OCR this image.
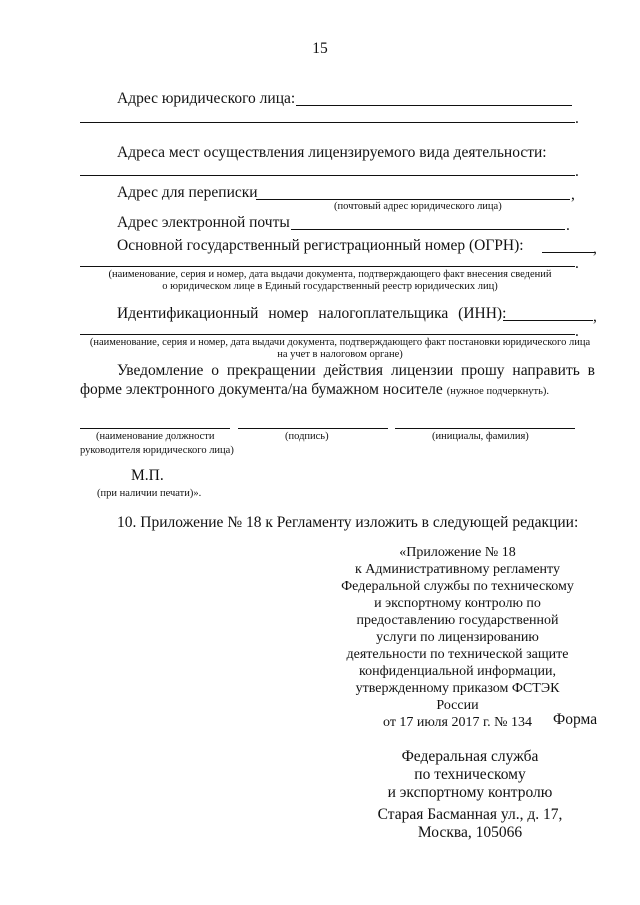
15
Адрес юридического лица:
.
Адреса мест осуществления лицензируемого вида деятельности:
.
Адрес для переписки	,
(почтовый адрес юридического лица)
Адрес электронной почты	.
Основной государственный регистрационный номер (ОГРН):	,
.
(наименование, серия и номер, дата выдачи документа, подтверждающего факт внесения сведений
о юридическом лице в Единый государственный реестр юридических лиц)
Идентификационный номер налогоплательщика (ИНН):	,
.
(наименование, серия и номер, дата выдачи документа, подтверждающего факт постановки юридического лица
на учет в налоговом органе)
Уведомление о прекращении действия лицензии прошу направить в
форме электронного документа/на бумажном носителе (нужное подчеркнуть).
(наименование должности
руководителя юридического лица)
(подпись)	(инициалы, фамилия)
М.П.
(при наличии печати)».
10. Приложение № 18 к Регламенту изложить в следующей редакции:
«Приложение № 18
к Административному регламенту
Федеральной службы по техническому
и экспортному контролю по
предоставлению государственной
услуги по лицензированию
деятельности по технической защите
конфиденциальной информации,
утвержденному приказом ФСТЭК России
от 17 июля 2017 г. № 134	Форма
Федеральная служба
по техническому
и экспортному контролю
Старая Басманная ул., д. 17,
Москва, 105066
